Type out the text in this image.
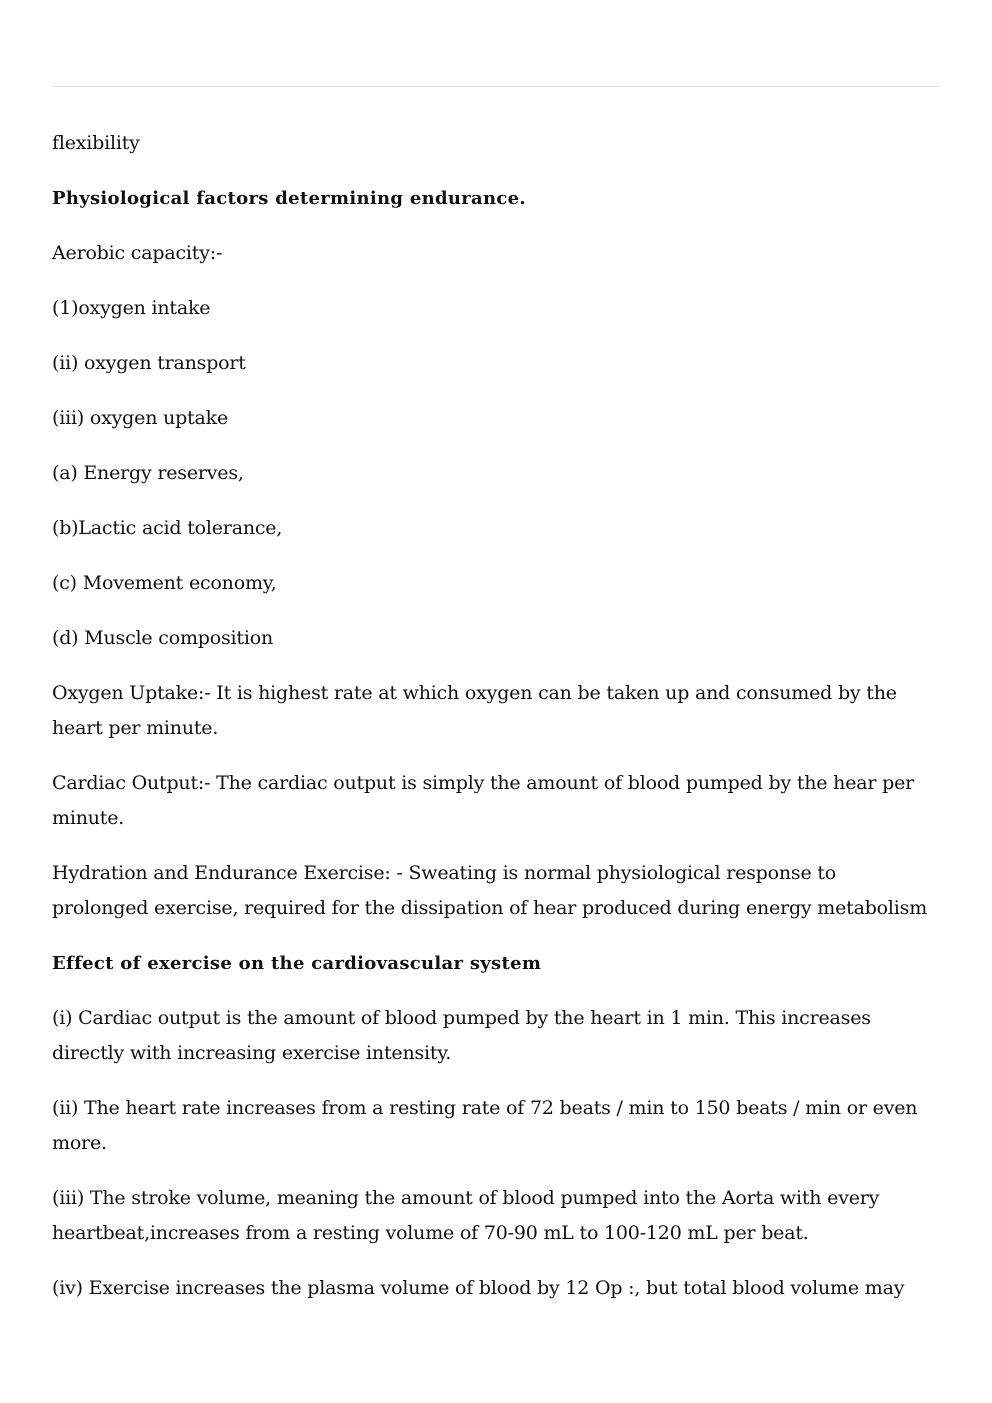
flexibility

Physiological factors determining endurance.

Aerobic capacity:-

(1)oxygen intake

(ii) oxygen transport

(iii) oxygen uptake

(a) Energy reserves,

(b)Lactic acid tolerance,

(c) Movement economy,

(d) Muscle composition

Oxygen Uptake:- It is highest rate at which oxygen can be taken up and consumed by the heart per minute.

Cardiac Output:- The cardiac output is simply the amount of blood pumped by the hear per minute.

Hydration and Endurance Exercise: - Sweating is normal physiological response to prolonged exercise, required for the dissipation of hear produced during energy metabolism

Effect of exercise on the cardiovascular system

(i) Cardiac output is the amount of blood pumped by the heart in 1 min. This increases directly with increasing exercise intensity.

(ii) The heart rate increases from a resting rate of 72 beats / min to 150 beats / min or even more.

(iii) The stroke volume, meaning the amount of blood pumped into the Aorta with every heartbeat,increases from a resting volume of 70-90 mL to 100-120 mL per beat.

(iv) Exercise increases the plasma volume of blood by 12 Op :, but total blood volume may
